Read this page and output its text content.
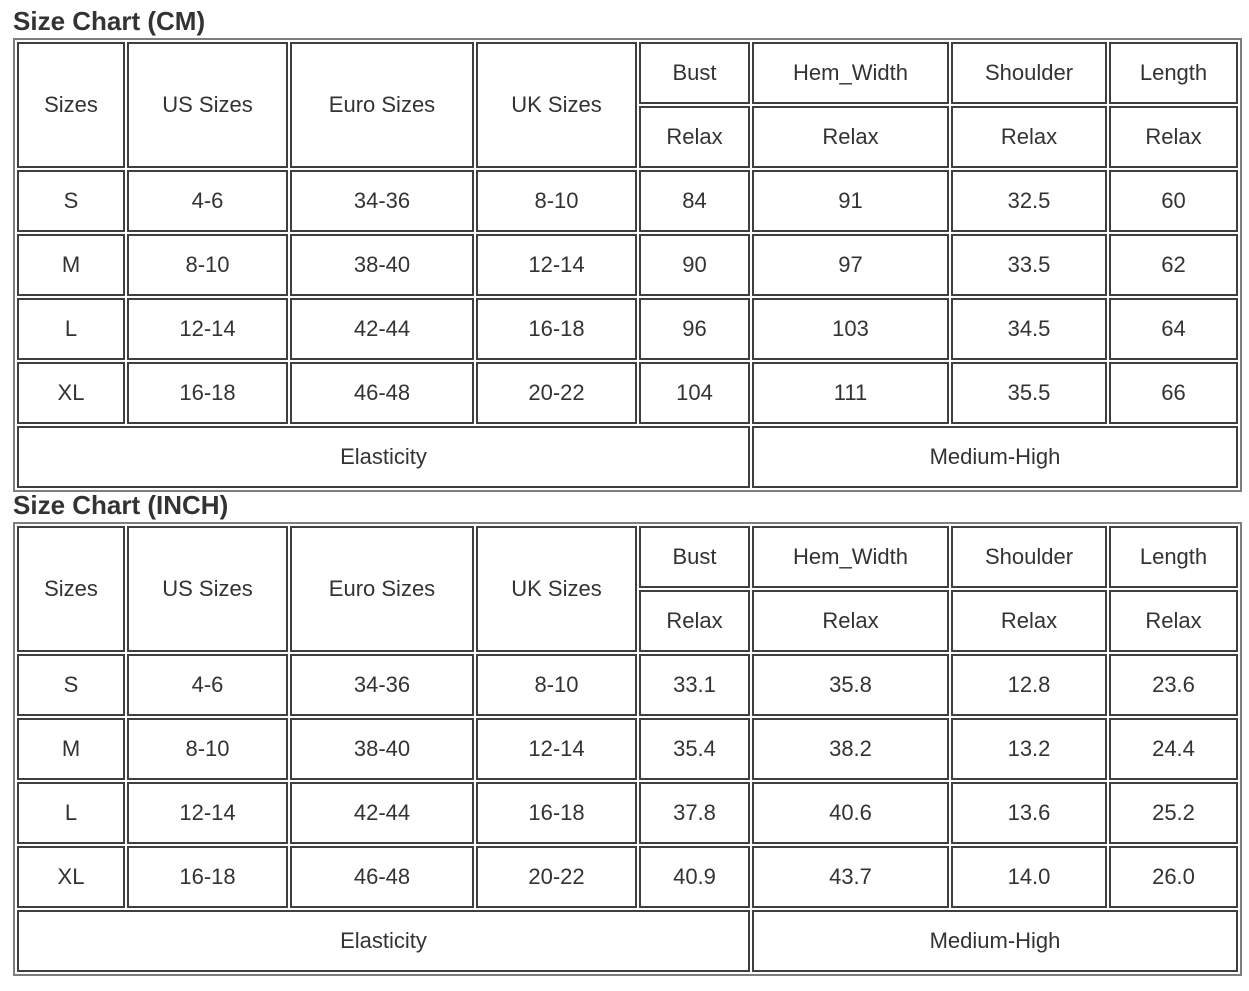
Size Chart (CM)
Sizes	US Sizes	Euro Sizes	UK Sizes	Bust	Hem_Width	Shoulder	Length
				Relax	Relax	Relax	Relax
S	4-6	34-36	8-10	84	91	32.5	60
M	8-10	38-40	12-14	90	97	33.5	62
L	12-14	42-44	16-18	96	103	34.5	64
XL	16-18	46-48	20-22	104	111	35.5	66
Elasticity					Medium-High		
Size Chart (INCH)
Sizes	US Sizes	Euro Sizes	UK Sizes	Bust	Hem_Width	Shoulder	Length
				Relax	Relax	Relax	Relax
S	4-6	34-36	8-10	33.1	35.8	12.8	23.6
M	8-10	38-40	12-14	35.4	38.2	13.2	24.4
L	12-14	42-44	16-18	37.8	40.6	13.6	25.2
XL	16-18	46-48	20-22	40.9	43.7	14.0	26.0
Elasticity					Medium-High		
